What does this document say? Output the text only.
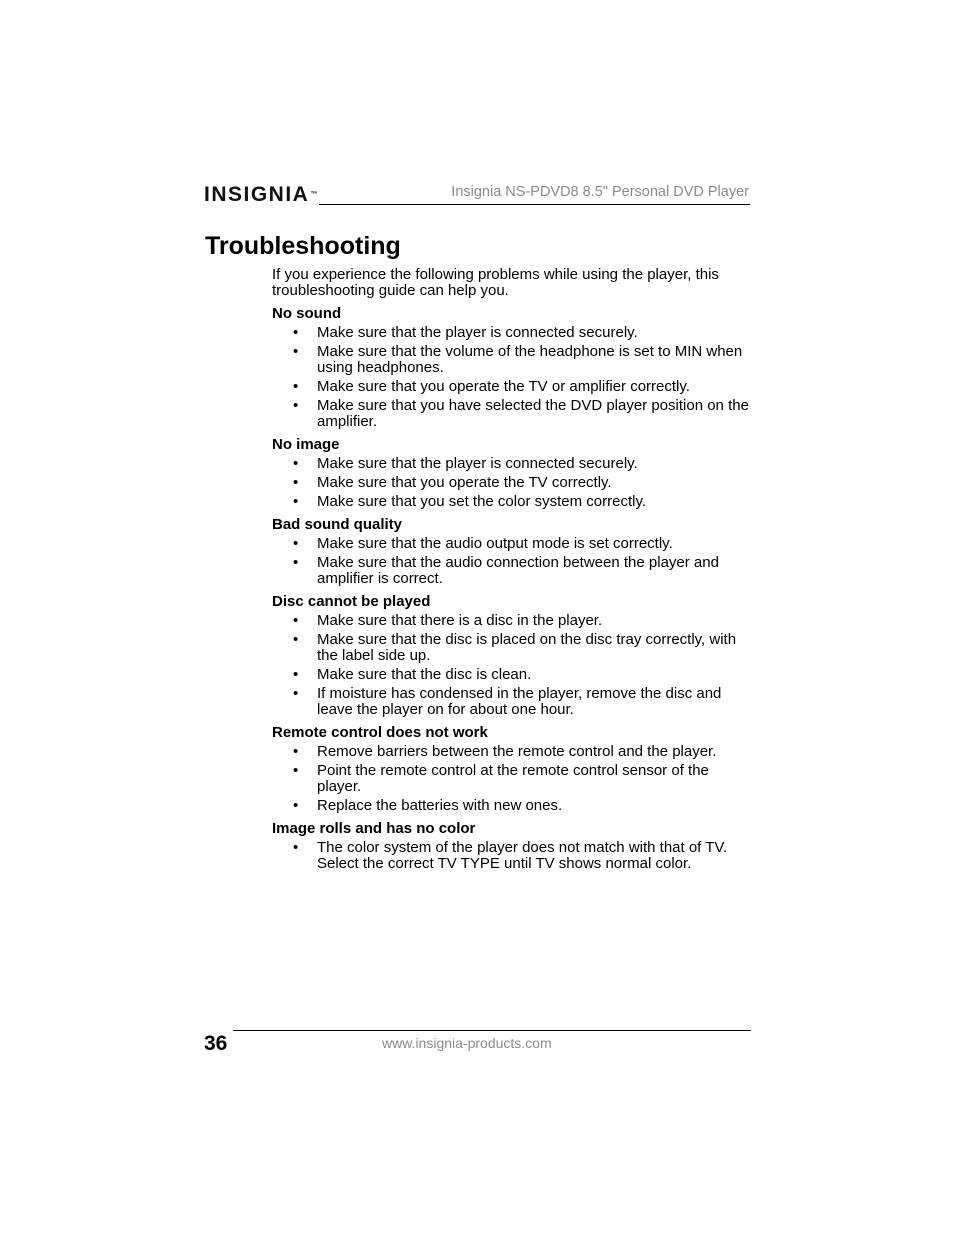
INSIGNIA™	Insignia NS-PDVD8 8.5" Personal DVD Player
Troubleshooting

If you experience the following problems while using the player, this troubleshooting guide can help you.

No sound
• Make sure that the player is connected securely.
• Make sure that the volume of the headphone is set to MIN when using headphones.
• Make sure that you operate the TV or amplifier correctly.
• Make sure that you have selected the DVD player position on the amplifier.
No image
• Make sure that the player is connected securely.
• Make sure that you operate the TV correctly.
• Make sure that you set the color system correctly.
Bad sound quality
• Make sure that the audio output mode is set correctly.
• Make sure that the audio connection between the player and amplifier is correct.
Disc cannot be played
• Make sure that there is a disc in the player.
• Make sure that the disc is placed on the disc tray correctly, with the label side up.
• Make sure that the disc is clean.
• If moisture has condensed in the player, remove the disc and leave the player on for about one hour.
Remote control does not work
• Remove barriers between the remote control and the player.
• Point the remote control at the remote control sensor of the player.
• Replace the batteries with new ones.
Image rolls and has no color
• The color system of the player does not match with that of TV. Select the correct TV TYPE until TV shows normal color.
36	www.insignia-products.com
